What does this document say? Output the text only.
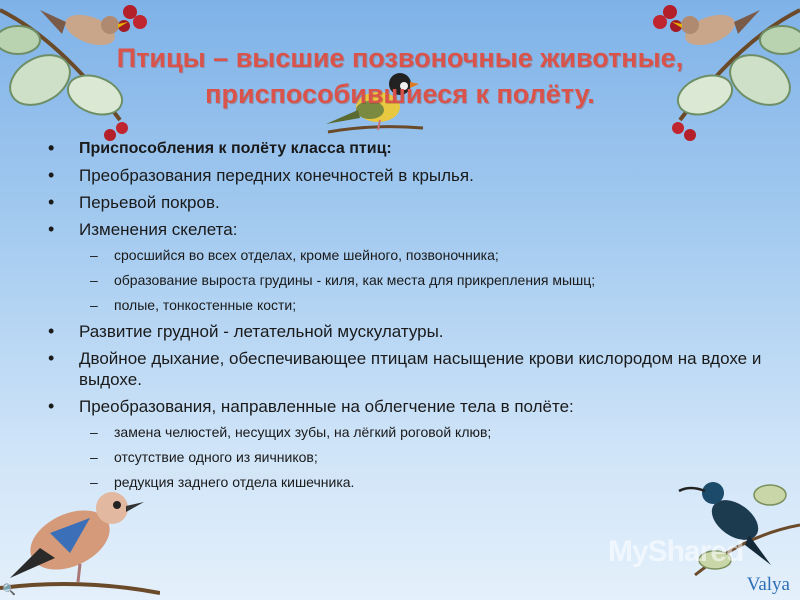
Птицы – высшие позвоночные животные, приспособившиеся к полёту.
• Приспособления к полёту класса птиц:
• Преобразования передних конечностей в крылья.
• Перьевой покров.
• Изменения скелета:
– сросшийся во всех отделах, кроме шейного, позвоночника;
– образование выроста грудины - киля, как места для прикрепления мышц;
– полые, тонкостенные кости;
• Развитие грудной - летательной мускулатуры.
• Двойное дыхание, обеспечивающее птицам насыщение крови кислородом на вдохе и выдохе.
• Преобразования, направленные на облегчение тела в полёте:
– замена челюстей, несущих зубы, на лёгкий роговой клюв;
– отсутствие одного из яичников;
– редукция заднего отдела кишечника.
MyShared
Valya
🔍
